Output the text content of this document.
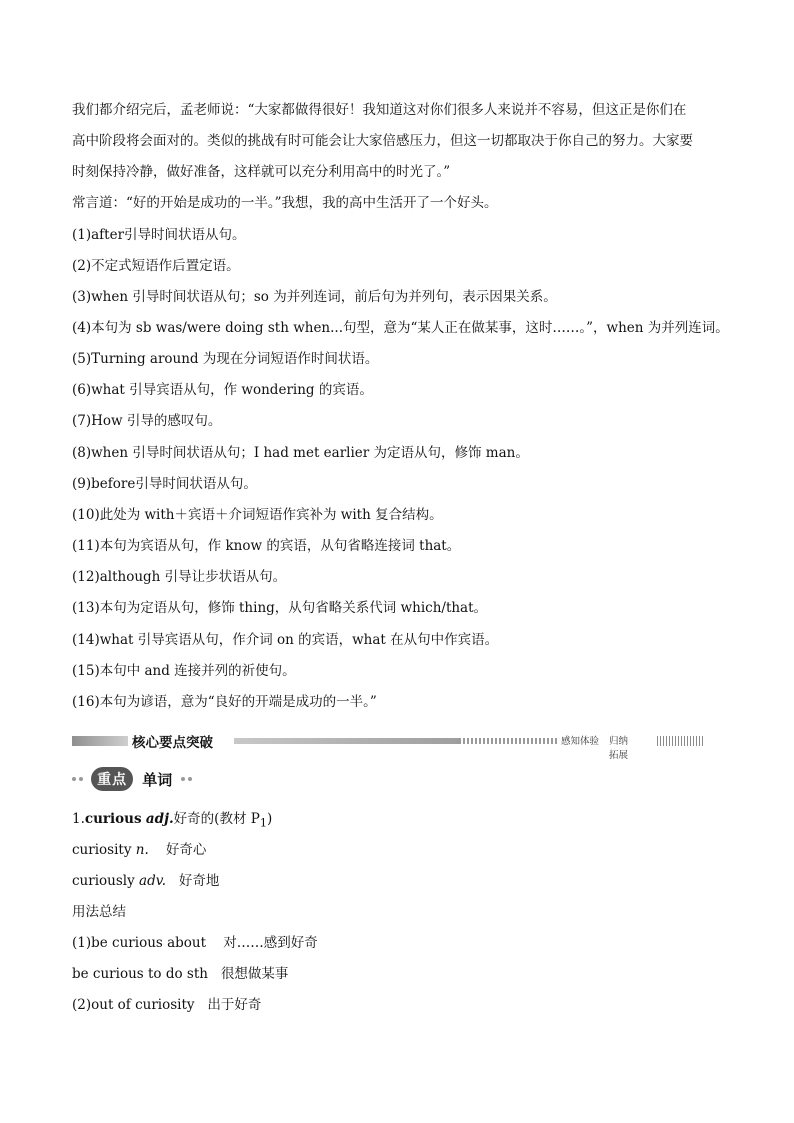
我们都介绍完后，孟老师说：“大家都做得很好！我知道这对你们很多人来说并不容易，但这正是你们在
高中阶段将会面对的。类似的挑战有时可能会让大家倍感压力，但这一切都取决于你自己的努力。大家要
时刻保持冷静，做好准备，这样就可以充分利用高中的时光了。”
常言道：“好的开始是成功的一半。”我想，我的高中生活开了一个好头。
(1)after引导时间状语从句。
(2)不定式短语作后置定语。
(3)when 引导时间状语从句；so 为并列连词，前后句为并列句，表示因果关系。
(4)本句为 sb was/were doing sth when...句型，意为“某人正在做某事，这时……。”，when 为并列连词。
(5)Turning around 为现在分词短语作时间状语。
(6)what 引导宾语从句，作 wondering 的宾语。
(7)How 引导的感叹句。
(8)when 引导时间状语从句；I had met earlier 为定语从句，修饰 man。
(9)before引导时间状语从句。
(10)此处为 with＋宾语＋介词短语作宾补为 with 复合结构。
(11)本句为宾语从句，作 know 的宾语，从句省略连接词 that。
(12)although 引导让步状语从句。
(13)本句为定语从句，修饰 thing，从句省略关系代词 which/that。
(14)what 引导宾语从句，作介词 on 的宾语，what 在从句中作宾语。
(15)本句中 and 连接并列的祈使句。
(16)本句为谚语，意为“良好的开端是成功的一半。”
核心要点突破	感知体验 归纳拓展
重点 单词
1.curious adj.好奇的(教材 $P_1$)
curiosity n. 好奇心
curiously adv. 好奇地
用法总结
(1)be curious about 对……感到好奇
be curious to do sth 很想做某事
(2)out of curiosity 出于好奇
